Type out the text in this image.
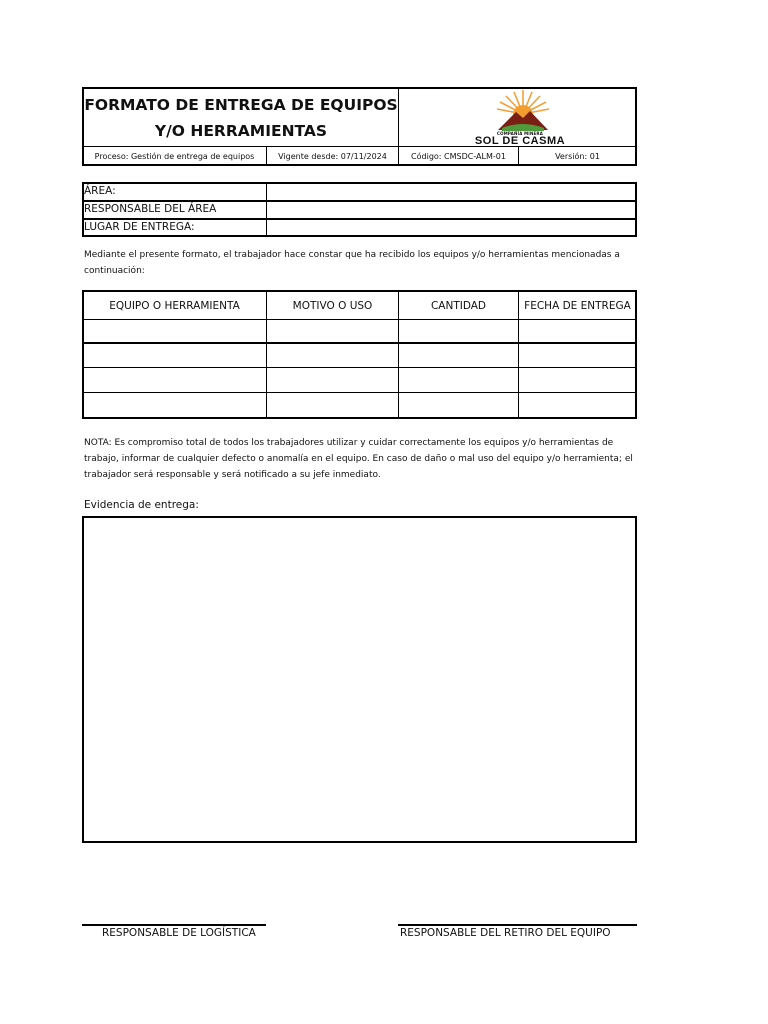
FORMATO DE ENTREGA DE EQUIPOS Y/O HERRAMIENTAS	COMPAÑÍA MINERA
SOL DE CASMA
Proceso: Gestión de entrega de equipos	Vigente desde: 07/11/2024	Código: CMSDC-ALM-01	Versión: 01
ÁREA:
RESPONSABLE DEL ÁREA
LUGAR DE ENTREGA:
Mediante el presente formato, el trabajador hace constar que ha recibido los equipos y/o herramientas mencionadas a continuación:
EQUIPO O HERRAMIENTA	MOTIVO O USO	CANTIDAD	FECHA DE ENTREGA
NOTA: Es compromiso total de todos los trabajadores utilizar y cuidar correctamente los equipos y/o herramientas de trabajo, informar de cualquier defecto o anomalía en el equipo. En caso de daño o mal uso del equipo y/o herramienta; el trabajador será responsable y será notificado a su jefe inmediato.
Evidencia de entrega:
RESPONSABLE DE LOGÍSTICA	RESPONSABLE DEL RETIRO DEL EQUIPO
